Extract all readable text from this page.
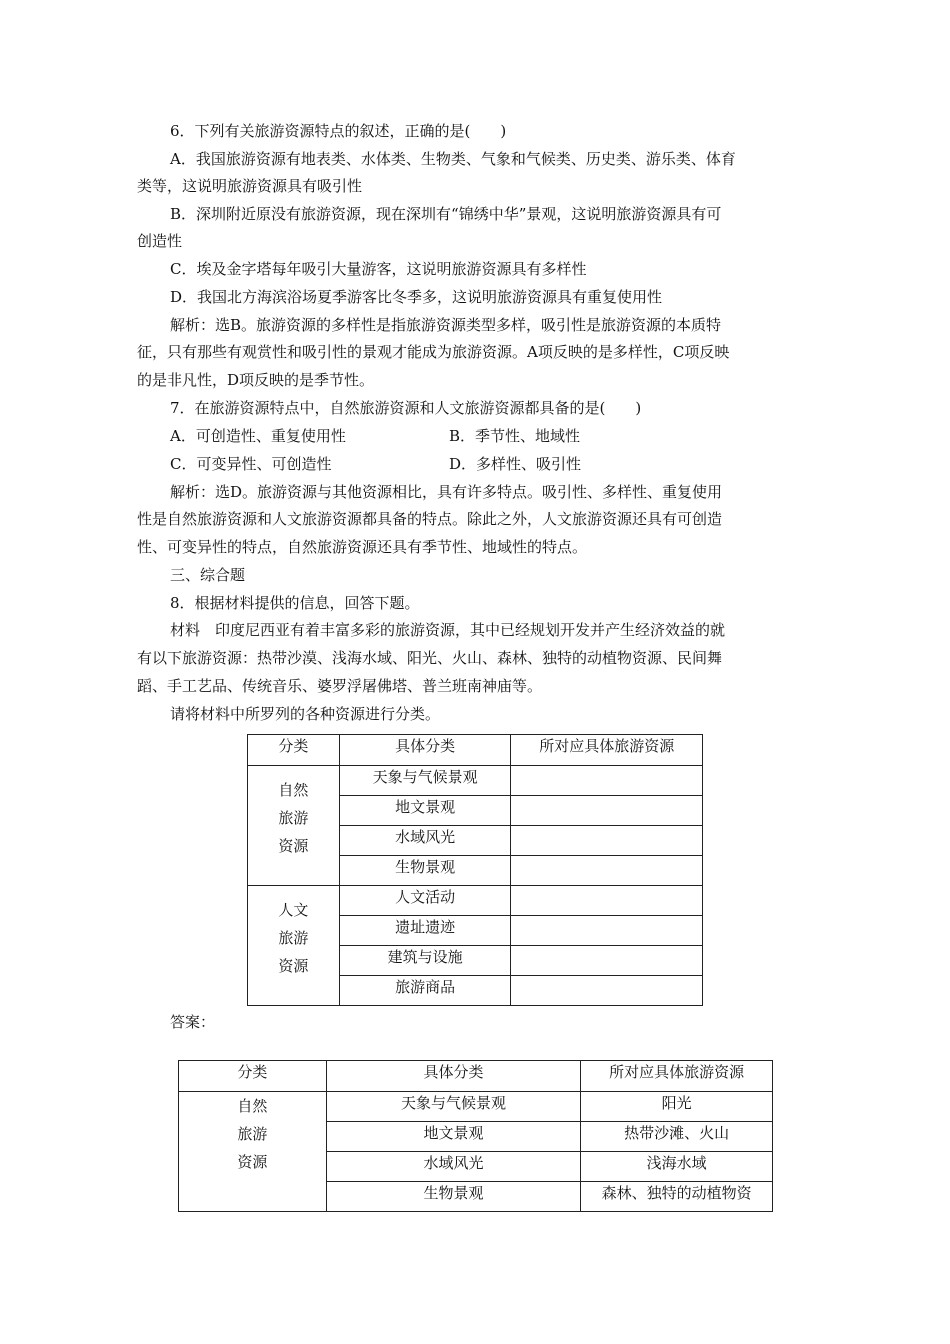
6．下列有关旅游资源特点的叙述，正确的是(　　)
A．我国旅游资源有地表类、水体类、生物类、气象和气候类、历史类、游乐类、体育
类等，这说明旅游资源具有吸引性
B．深圳附近原没有旅游资源，现在深圳有“锦绣中华”景观，这说明旅游资源具有可
创造性
C．埃及金字塔每年吸引大量游客，这说明旅游资源具有多样性
D．我国北方海滨浴场夏季游客比冬季多，这说明旅游资源具有重复使用性
解析：选B。旅游资源的多样性是指旅游资源类型多样，吸引性是旅游资源的本质特
征，只有那些有观赏性和吸引性的景观才能成为旅游资源。A项反映的是多样性，C项反映
的是非凡性，D项反映的是季节性。
7．在旅游资源特点中，自然旅游资源和人文旅游资源都具备的是(　　)
A．可创造性、重复使用性	B．季节性、地域性
C．可变异性、可创造性	D．多样性、吸引性
解析：选D。旅游资源与其他资源相比，具有许多特点。吸引性、多样性、重复使用
性是自然旅游资源和人文旅游资源都具备的特点。除此之外，人文旅游资源还具有可创造
性、可变异性的特点，自然旅游资源还具有季节性、地域性的特点。
三、综合题
8．根据材料提供的信息，回答下题。
材料　印度尼西亚有着丰富多彩的旅游资源，其中已经规划开发并产生经济效益的就
有以下旅游资源：热带沙漠、浅海水域、阳光、火山、森林、独特的动植物资源、民间舞
蹈、手工艺品、传统音乐、婆罗浮屠佛塔、普兰班南神庙等。
请将材料中所罗列的各种资源进行分类。
分类	具体分类	所对应具体旅游资源

自然
旅游
资源	天象与气候景观	
	地文景观	
	水域风光	
	生物景观	

人文
旅游
资源	人文活动	
	遗址遗迹	
	建筑与设施	
	旅游商品	
答案：
分类	具体分类	所对应具体旅游资源

自然
旅游
资源	天象与气候景观	阳光
	地文景观	热带沙滩、火山
	水域风光	浅海水域
	生物景观	森林、独特的动植物资
